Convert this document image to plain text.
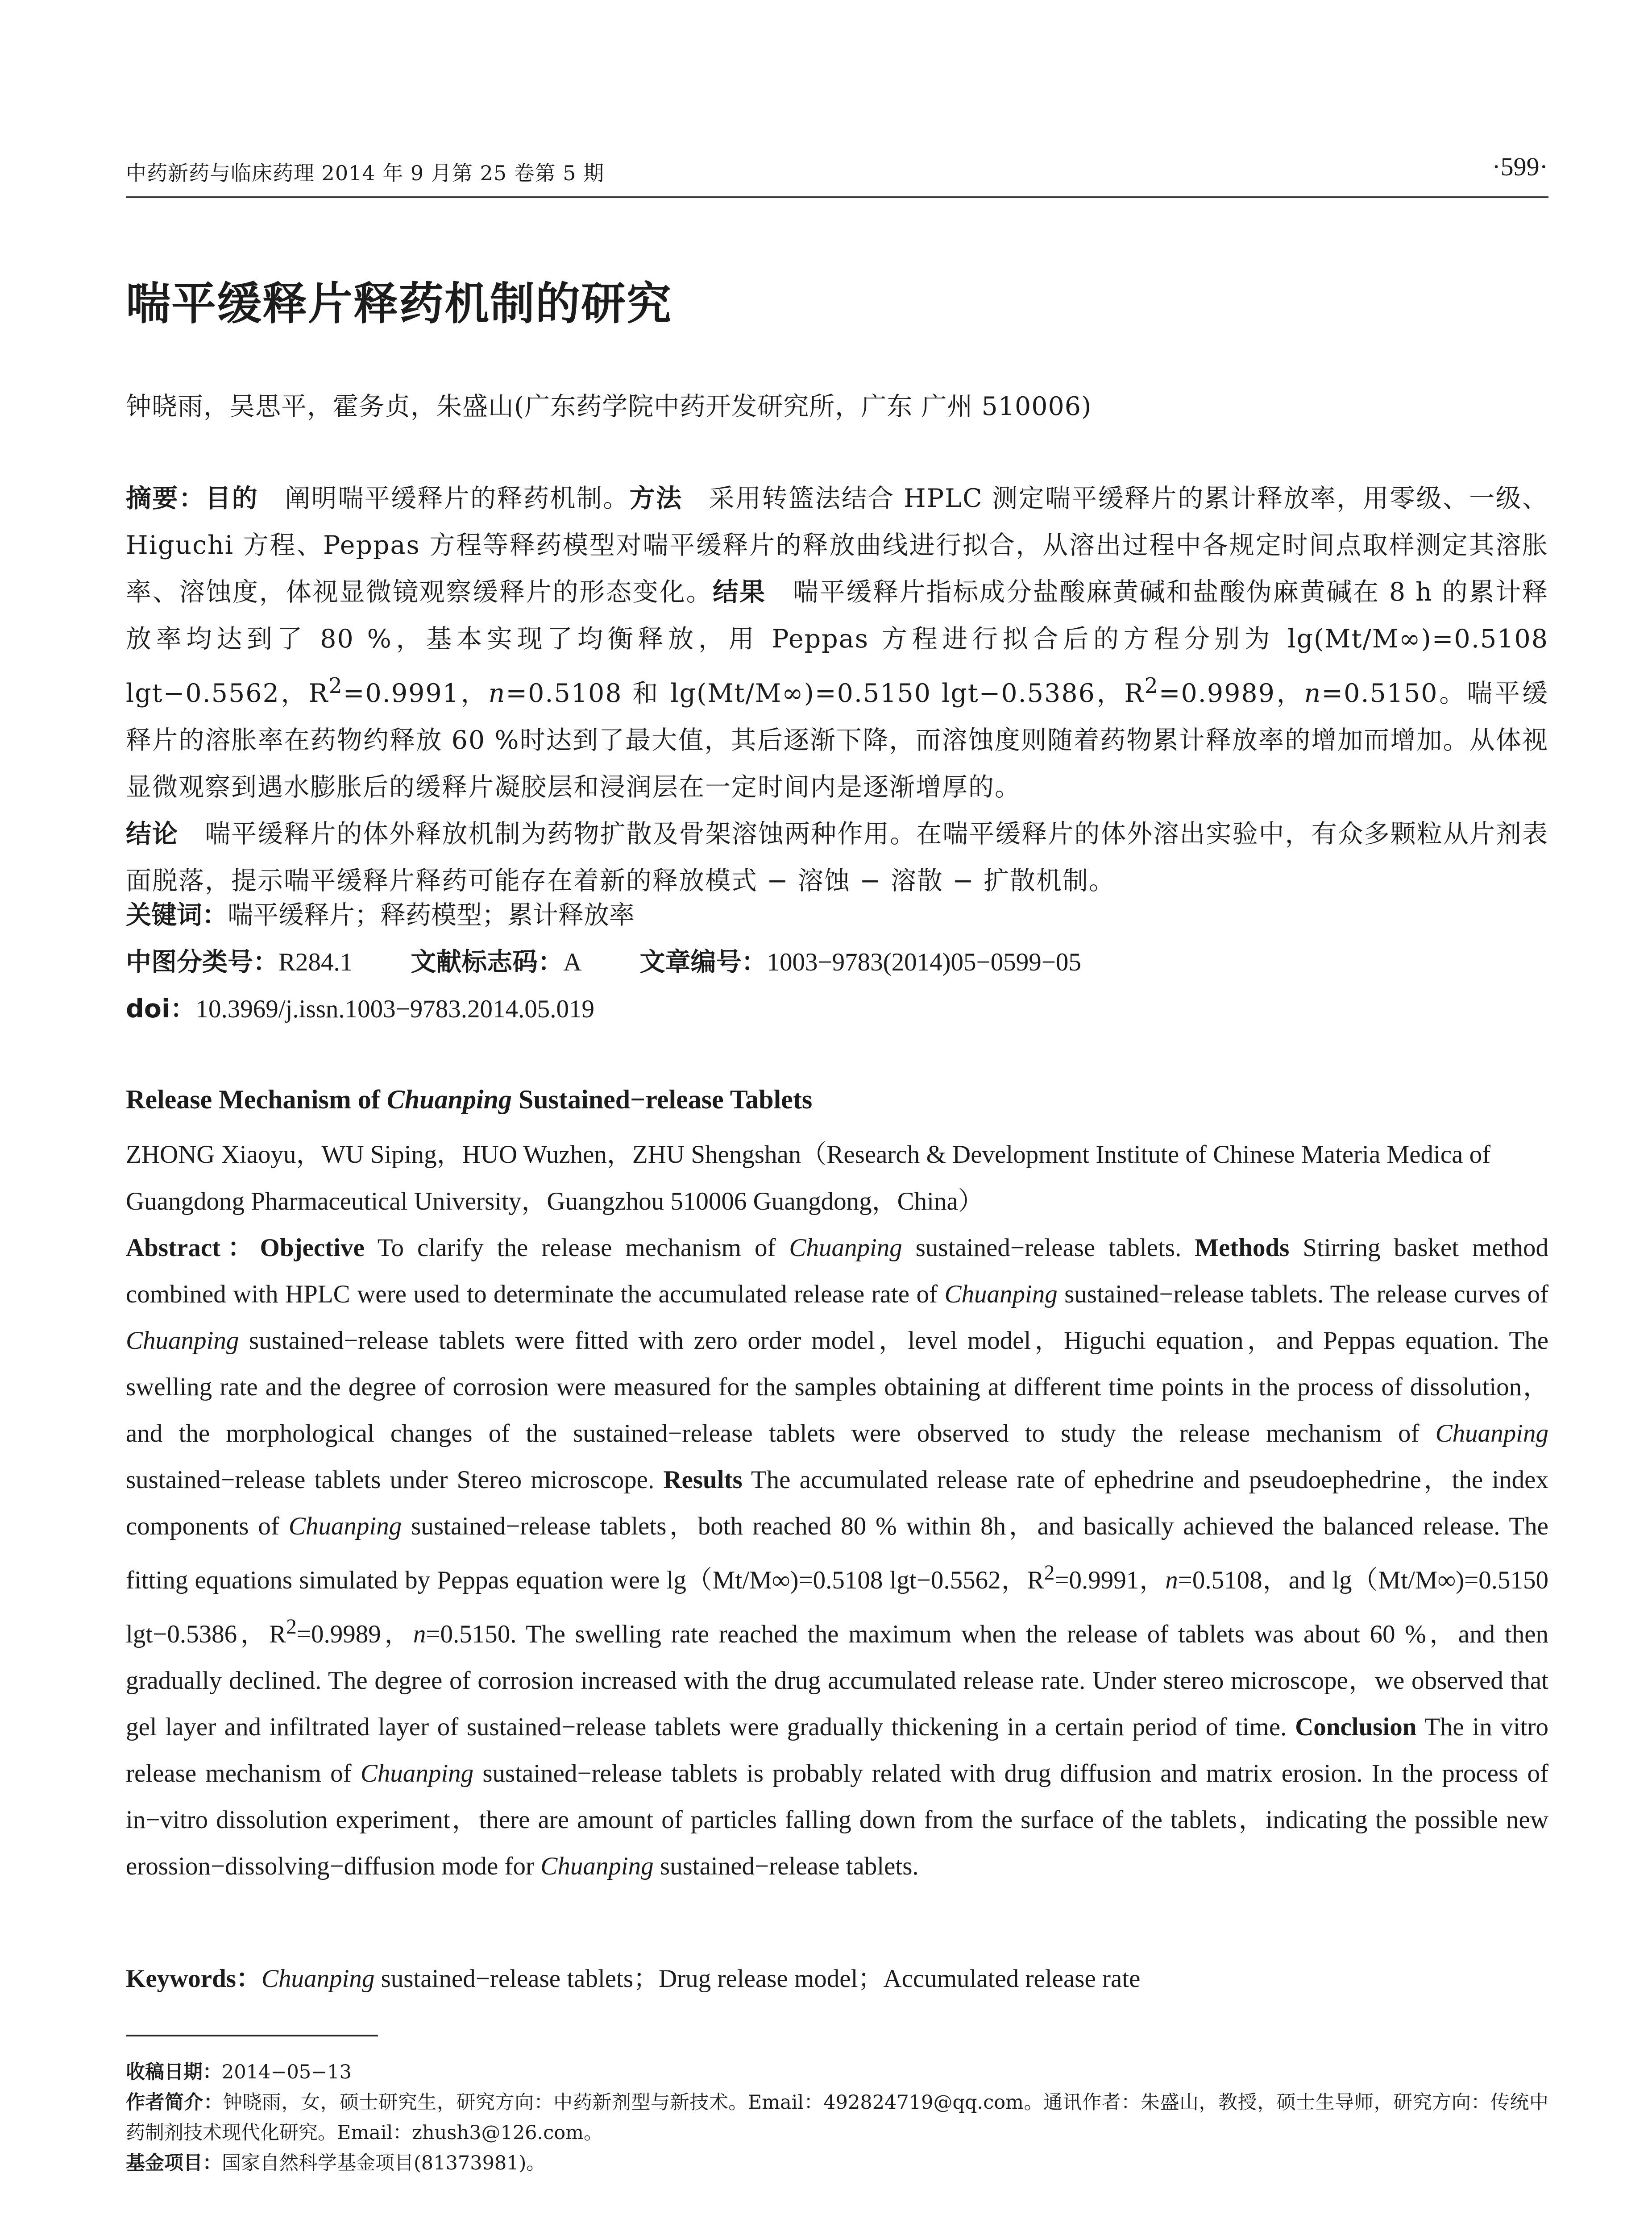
中药新药与临床药理 2014 年 9 月第 25 卷第 5 期	·599·
喘平缓释片释药机制的研究
钟晓雨，吴思平，霍务贞，朱盛山(广东药学院中药开发研究所，广东 广州 510006)
摘要：目的  阐明喘平缓释片的释药机制。方法  采用转篮法结合 HPLC 测定喘平缓释片的累计释放率，用零级、一级、Higuchi 方程、Peppas 方程等释药模型对喘平缓释片的释放曲线进行拟合，从溶出过程中各规定时间点取样测定其溶胀率、溶蚀度，体视显微镜观察缓释片的形态变化。结果  喘平缓释片指标成分盐酸麻黄碱和盐酸伪麻黄碱在 8 h 的累计释放率均达到了 80 %，基本实现了均衡释放，用 Peppas 方程进行拟合后的方程分别为 lg(Mt/M∞)=0.5108 lgt−0.5562，$R^2=0.9991$，n=0.5108 和 lg(Mt/M∞)=0.5150 lgt−0.5386，$R^2=0.9989$，n=0.5150。喘平缓释片的溶胀率在药物约释放 60 %时达到了最大值，其后逐渐下降，而溶蚀度则随着药物累计释放率的增加而增加。从体视显微观察到遇水膨胀后的缓释片凝胶层和浸润层在一定时间内是逐渐增厚的。
结论  喘平缓释片的体外释放机制为药物扩散及骨架溶蚀两种作用。在喘平缓释片的体外溶出实验中，有众多颗粒从片剂表面脱落，提示喘平缓释片释药可能存在着新的释放模式 − 溶蚀 − 溶散 − 扩散机制。
关键词：喘平缓释片；释药模型；累计释放率
中图分类号：R284.1 文献标志码：A 文章编号：1003−9783(2014)05−0599−05
doi：10.3969/j.issn.1003−9783.2014.05.019
Release Mechanism of Chuanping Sustained−release Tablets
ZHONG Xiaoyu，WU Siping，HUO Wuzhen，ZHU Shengshan（Research & Development Institute of Chinese Materia Medica of Guangdong Pharmaceutical University，Guangzhou 510006 Guangdong，China）
Abstract：Objective To clarify the release mechanism of Chuanping sustained−release tablets. Methods Stirring basket method combined with HPLC were used to determinate the accumulated release rate of Chuanping sustained−release tablets. The release curves of Chuanping sustained−release tablets were fitted with zero order model，level model，Higuchi equation，and Peppas equation. The swelling rate and the degree of corrosion were measured for the samples obtaining at different time points in the process of dissolution，and the morphological changes of the sustained−release tablets were observed to study the release mechanism of Chuanping sustained−release tablets under Stereo microscope. Results The accumulated release rate of ephedrine and pseudoephedrine，the index components of Chuanping sustained−release tablets，both reached 80 % within 8h，and basically achieved the balanced release. The fitting equations simulated by Peppas equation were lg（Mt/M∞)=0.5108 lgt−0.5562，$R^2=0.9991$，n=0.5108，and lg（Mt/M∞)=0.5150 lgt−0.5386，$R^2=0.9989$，n=0.5150. The swelling rate reached the maximum when the release of tablets was about 60 %，and then gradually declined. The degree of corrosion increased with the drug accumulated release rate. Under stereo microscope，we observed that gel layer and infiltrated layer of sustained−release tablets were gradually thickening in a certain period of time. Conclusion The in vitro release mechanism of Chuanping sustained−release tablets is probably related with drug diffusion and matrix erosion. In the process of in−vitro dissolution experiment，there are amount of particles falling down from the surface of the tablets，indicating the possible new erossion−dissolving−diffusion mode for Chuanping sustained−release tablets.
Keywords：Chuanping sustained−release tablets；Drug release model；Accumulated release rate
收稿日期：2014−05−13
作者简介：钟晓雨，女，硕士研究生，研究方向：中药新剂型与新技术。Email：492824719@qq.com。通讯作者：朱盛山，教授，硕士生导师，研究方向：传统中药制剂技术现代化研究。Email：zhush3@126.com。
基金项目：国家自然科学基金项目(81373981)。
